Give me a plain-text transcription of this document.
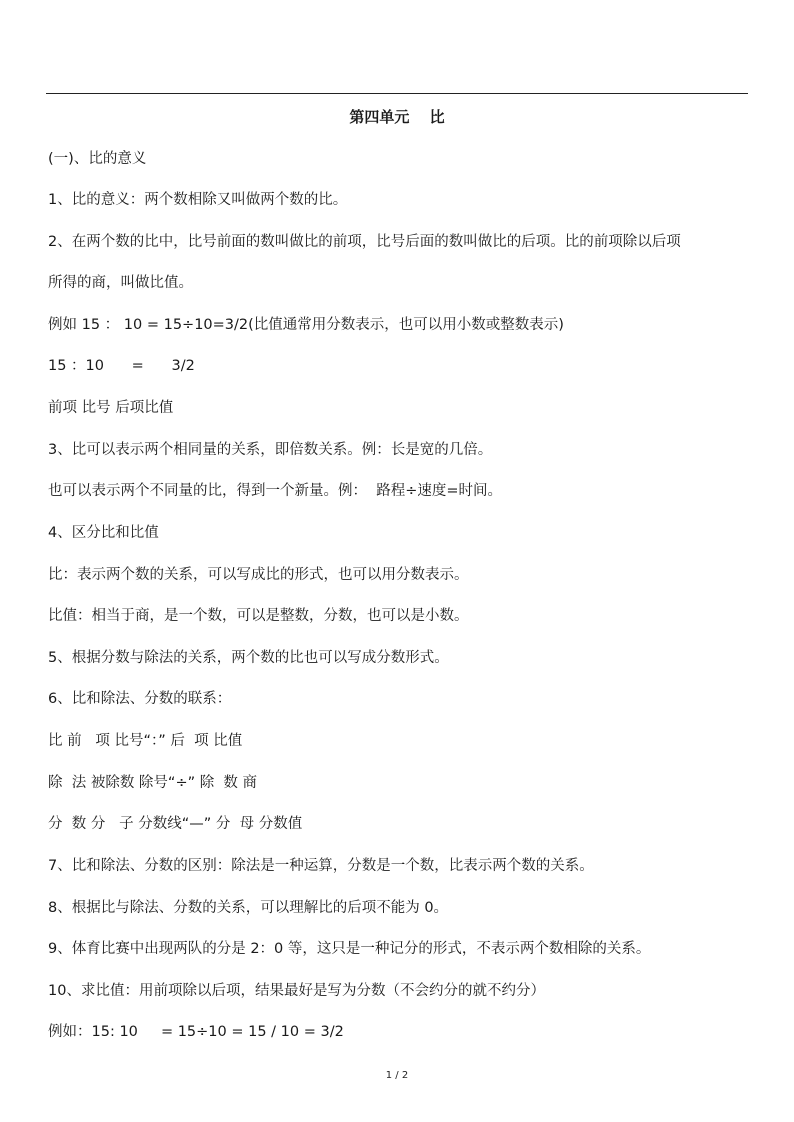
第四单元　 比
(一)、比的意义
1、比的意义：两个数相除又叫做两个数的比。
2、在两个数的比中，比号前面的数叫做比的前项，比号后面的数叫做比的后项。比的前项除以后项
所得的商，叫做比值。
例如 15 ： 10 = 15÷10=3/2(比值通常用分数表示，也可以用小数或整数表示)
15 ：10      =      3/2
前项 比号 后项比值
3、比可以表示两个相同量的关系，即倍数关系。例：长是宽的几倍。
也可以表示两个不同量的比，得到一个新量。例：  路程÷速度=时间。
4、区分比和比值
比：表示两个数的关系，可以写成比的形式，也可以用分数表示。
比值：相当于商，是一个数，可以是整数，分数，也可以是小数。
5、根据分数与除法的关系，两个数的比也可以写成分数形式。
6、比和除法、分数的联系：
比 前   项 比号“：” 后  项 比值
除  法 被除数 除号“÷” 除  数 商
分  数 分   子 分数线“—” 分  母 分数值
7、比和除法、分数的区别：除法是一种运算，分数是一个数，比表示两个数的关系。
8、根据比与除法、分数的关系，可以理解比的后项不能为 0。
9、体育比赛中出现两队的分是 2：0 等，这只是一种记分的形式，不表示两个数相除的关系。
10、求比值：用前项除以后项，结果最好是写为分数（不会约分的就不约分）
例如：15: 10     = 15÷10 = 15 / 10 = 3/2
1 / 2
